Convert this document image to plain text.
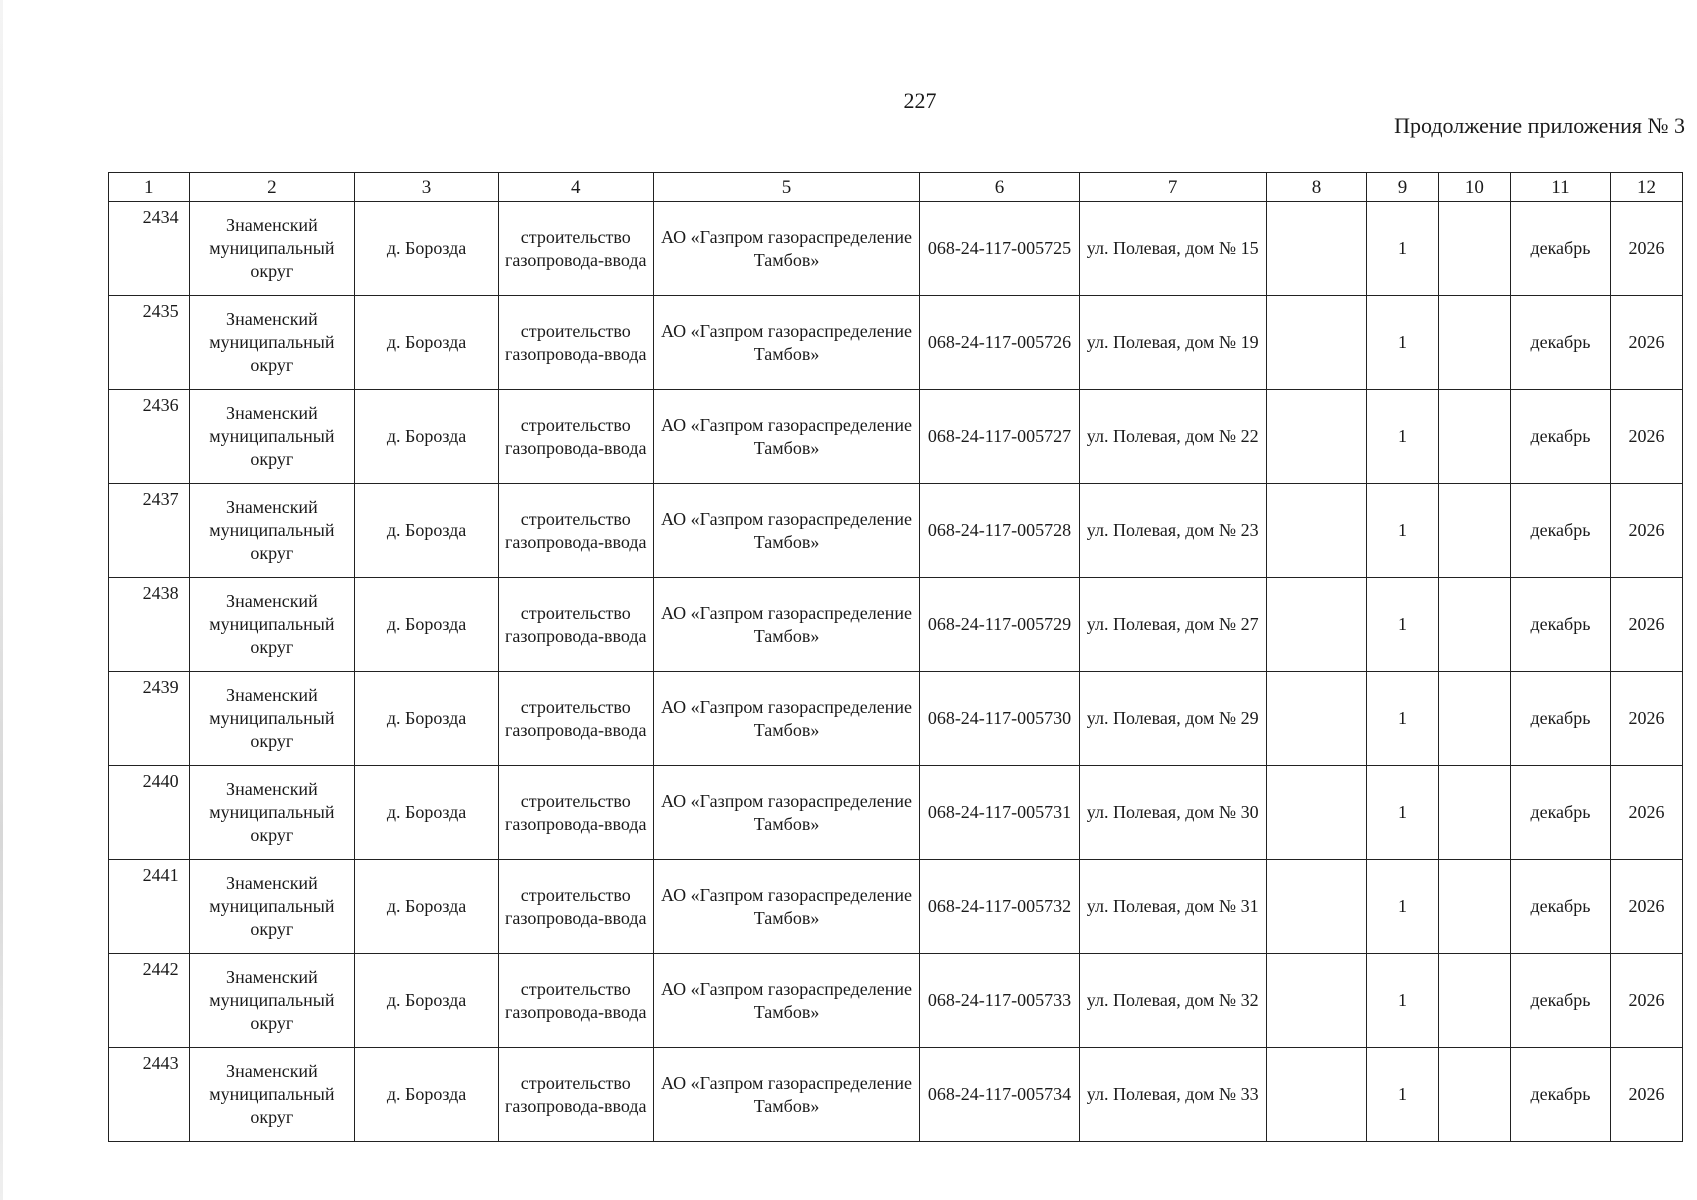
227
Продолжение приложения № 3
1	2	3	4	5	6	7	8	9	10	11	12
2434	Знаменский муниципальный округ	д. Борозда	строительство газопровода-ввода	АО «Газпром газораспределение Тамбов»	068-24-117-005725	ул. Полевая, дом № 15		1		декабрь	2026
2435	Знаменский муниципальный округ	д. Борозда	строительство газопровода-ввода	АО «Газпром газораспределение Тамбов»	068-24-117-005726	ул. Полевая, дом № 19		1		декабрь	2026
2436	Знаменский муниципальный округ	д. Борозда	строительство газопровода-ввода	АО «Газпром газораспределение Тамбов»	068-24-117-005727	ул. Полевая, дом № 22		1		декабрь	2026
2437	Знаменский муниципальный округ	д. Борозда	строительство газопровода-ввода	АО «Газпром газораспределение Тамбов»	068-24-117-005728	ул. Полевая, дом № 23		1		декабрь	2026
2438	Знаменский муниципальный округ	д. Борозда	строительство газопровода-ввода	АО «Газпром газораспределение Тамбов»	068-24-117-005729	ул. Полевая, дом № 27		1		декабрь	2026
2439	Знаменский муниципальный округ	д. Борозда	строительство газопровода-ввода	АО «Газпром газораспределение Тамбов»	068-24-117-005730	ул. Полевая, дом № 29		1		декабрь	2026
2440	Знаменский муниципальный округ	д. Борозда	строительство газопровода-ввода	АО «Газпром газораспределение Тамбов»	068-24-117-005731	ул. Полевая, дом № 30		1		декабрь	2026
2441	Знаменский муниципальный округ	д. Борозда	строительство газопровода-ввода	АО «Газпром газораспределение Тамбов»	068-24-117-005732	ул. Полевая, дом № 31		1		декабрь	2026
2442	Знаменский муниципальный округ	д. Борозда	строительство газопровода-ввода	АО «Газпром газораспределение Тамбов»	068-24-117-005733	ул. Полевая, дом № 32		1		декабрь	2026
2443	Знаменский муниципальный округ	д. Борозда	строительство газопровода-ввода	АО «Газпром газораспределение Тамбов»	068-24-117-005734	ул. Полевая, дом № 33		1		декабрь	2026
